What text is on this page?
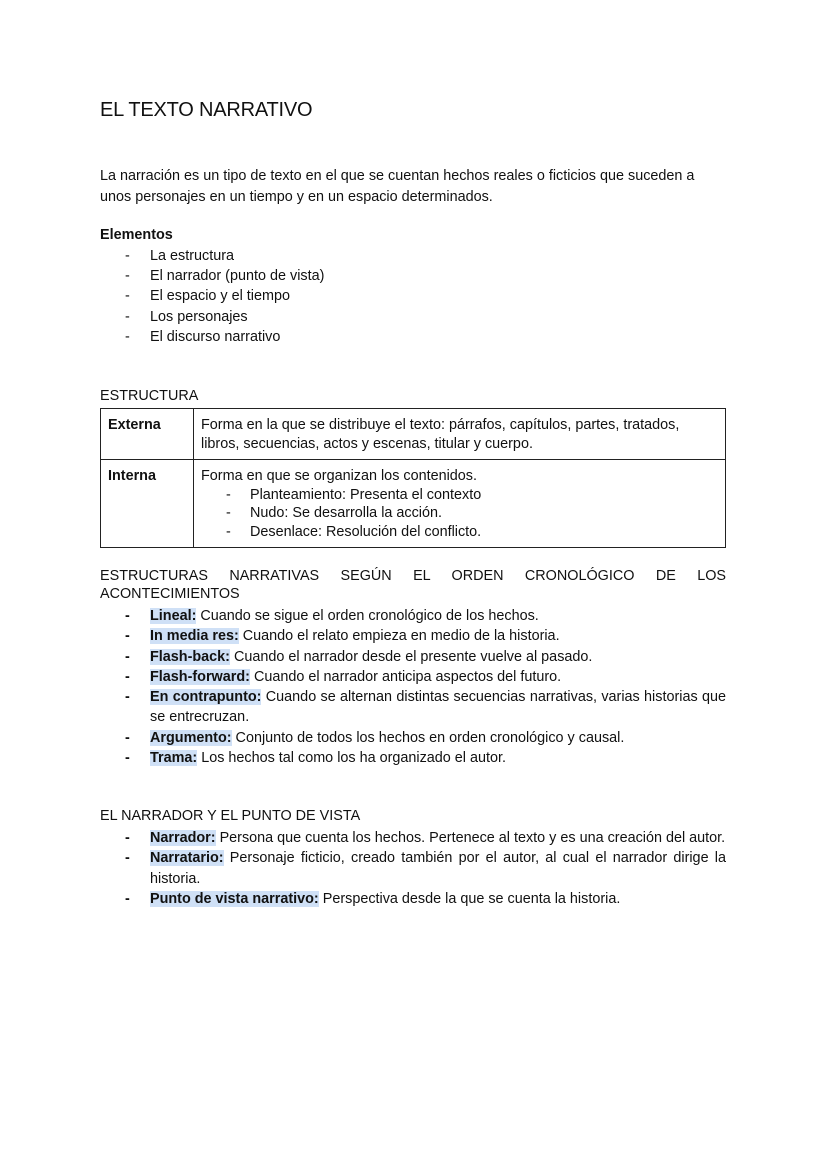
EL TEXTO NARRATIVO
La narración es un tipo de texto en el que se cuentan hechos reales o ficticios que suceden a unos personajes en un tiempo y en un espacio determinados.
Elementos
- La estructura
- El narrador (punto de vista)
- El espacio y el tiempo
- Los personajes
- El discurso narrativo
ESTRUCTURA
Externa	Forma en la que se distribuye el texto: párrafos, capítulos, partes, tratados, libros, secuencias, actos y escenas, titular y cuerpo.
Interna	Forma en que se organizan los contenidos.
- Planteamiento: Presenta el contexto
- Nudo: Se desarrolla la acción.
- Desenlace: Resolución del conflicto.
ESTRUCTURAS NARRATIVAS SEGÚN EL ORDEN CRONOLÓGICO DE LOS
ACONTECIMIENTOS
- Lineal: Cuando se sigue el orden cronológico de los hechos.
- In media res: Cuando el relato empieza en medio de la historia.
- Flash-back: Cuando el narrador desde el presente vuelve al pasado.
- Flash-forward: Cuando el narrador anticipa aspectos del futuro.
- En contrapunto: Cuando se alternan distintas secuencias narrativas, varias historias que se entrecruzan.
- Argumento: Conjunto de todos los hechos en orden cronológico y causal.
- Trama: Los hechos tal como los ha organizado el autor.
EL NARRADOR Y EL PUNTO DE VISTA
- Narrador: Persona que cuenta los hechos. Pertenece al texto y es una creación del autor.
- Narratario: Personaje ficticio, creado también por el autor, al cual el narrador dirige la historia.
- Punto de vista narrativo: Perspectiva desde la que se cuenta la historia.
